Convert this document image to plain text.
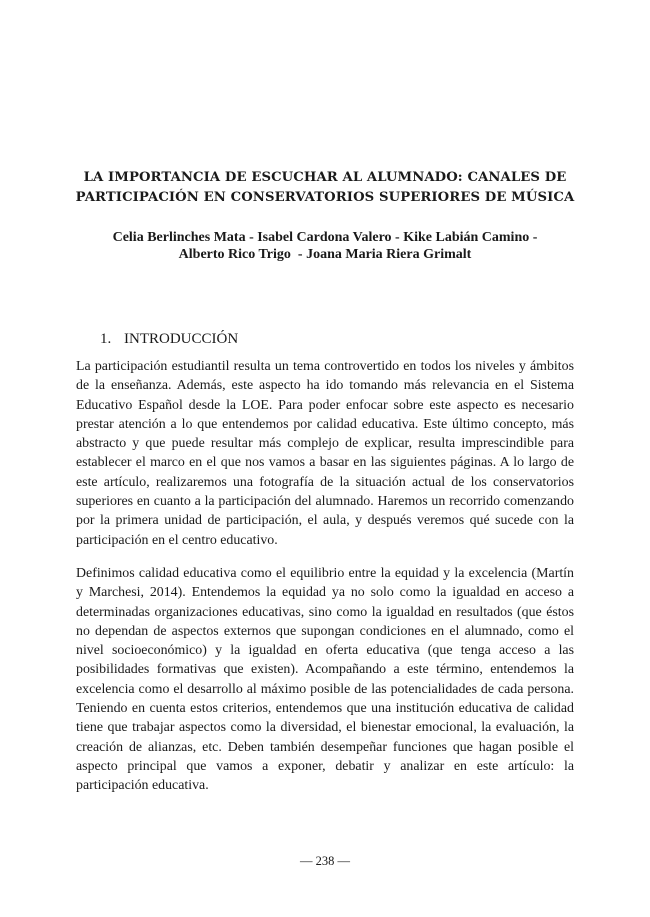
LA IMPORTANCIA DE ESCUCHAR AL ALUMNADO: CANALES DE
PARTICIPACIÓN EN CONSERVATORIOS SUPERIORES DE MÚSICA

Celia Berlinches Mata - Isabel Cardona Valero - Kike Labián Camino -
Alberto Rico Trigo  - Joana Maria Riera Grimalt

1. INTRODUCCIÓN

La participación estudiantil resulta un tema controvertido en todos los niveles y ámbitos de la enseñanza. Además, este aspecto ha ido tomando más relevancia en el Sistema Educativo Español desde la LOE. Para poder enfocar sobre este aspecto es necesario prestar atención a lo que entendemos por calidad educativa. Este último concepto, más abstracto y que puede resultar más complejo de explicar, resulta imprescindible para establecer el marco en el que nos vamos a basar en las siguientes páginas. A lo largo de este artículo, realizaremos una fotografía de la situación actual de los conservatorios superiores en cuanto a la participación del alumnado. Haremos un recorrido comenzando por la primera unidad de participación, el aula, y después veremos qué sucede con la participación en el centro educativo.

Definimos calidad educativa como el equilibrio entre la equidad y la excelencia (Martín y Marchesi, 2014). Entendemos la equidad ya no solo como la igualdad en acceso a determinadas organizaciones educativas, sino como la igualdad en resultados (que éstos no dependan de aspectos externos que supongan condiciones en el alumnado, como el nivel socioeconómico) y la igualdad en oferta educativa (que tenga acceso a las posibilidades formativas que existen). Acompañando a este término, entendemos la excelencia como el desarrollo al máximo posible de las potencialidades de cada persona. Teniendo en cuenta estos criterios, entendemos que una institución educativa de calidad tiene que trabajar aspectos como la diversidad, el bienestar emocional, la evaluación, la creación de alianzas, etc. Deben también desempeñar funciones que hagan posible el aspecto principal que vamos a exponer, debatir y analizar en este artículo: la participación educativa.

— 238 —
